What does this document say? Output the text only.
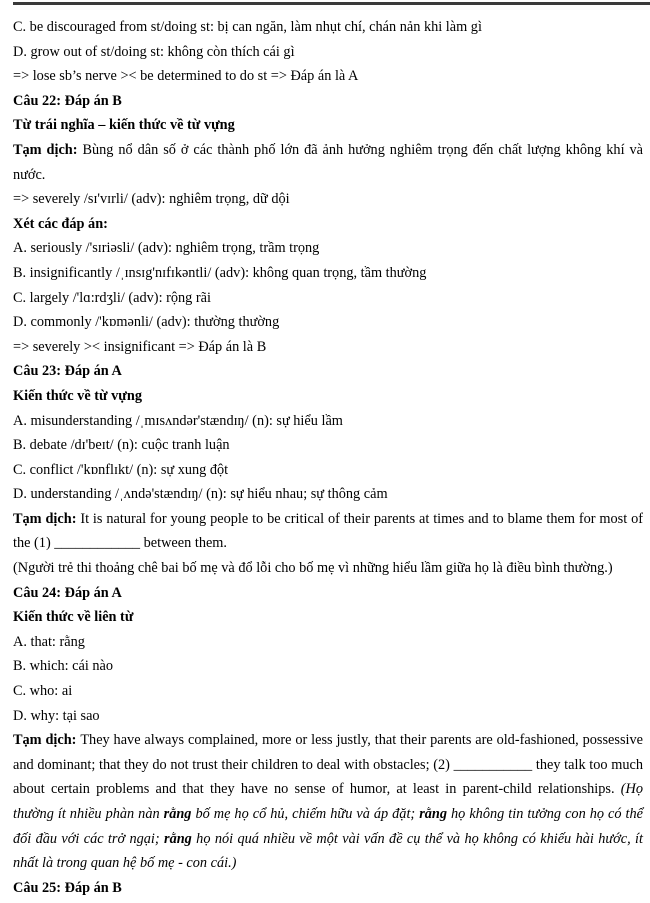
C. be discouraged from st/doing st: bị can ngăn, làm nhụt chí, chán nản khi làm gì

D. grow out of st/doing st: không còn thích cái gì

=> lose sb’s nerve >< be determined to do st => Đáp án là A

Câu 22: Đáp án B

Từ trái nghĩa – kiến thức về từ vựng

Tạm dịch: Bùng nổ dân số ở các thành phố lớn đã ảnh hưởng nghiêm trọng đến chất lượng không khí và nước.

=> severely /sɪ'vɪrli/ (adv): nghiêm trọng, dữ dội

Xét các đáp án:

A. seriously /'sɪriəsli/ (adv): nghiêm trọng, trầm trọng

B. insignificantly /ˌɪnsɪg'nɪfɪkəntli/ (adv): không quan trọng, tầm thường

C. largely /'lɑ:rdʒli/ (adv): rộng rãi

D. commonly /'kɒmənli/ (adv): thường thường

=> severely >< insignificant => Đáp án là B

Câu 23: Đáp án A

Kiến thức về từ vựng

A. misunderstanding /ˌmɪsʌndər'stændɪŋ/ (n): sự hiểu lầm

B. debate /dɪ'beɪt/ (n): cuộc tranh luận

C. conflict /'kɒnflɪkt/ (n): sự xung đột

D. understanding /ˌʌndə'stændɪŋ/ (n): sự hiểu nhau; sự thông cảm

Tạm dịch: It is natural for young people to be critical of their parents at times and to blame them for most of the (1) ____________ between them.

(Người trẻ thi thoảng chê bai bố mẹ và đổ lỗi cho bố mẹ vì những hiểu lầm giữa họ là điều bình thường.)

Câu 24: Đáp án A

Kiến thức về liên từ

A. that: rằng

B. which: cái nào

C. who: ai

D. why: tại sao

Tạm dịch: They have always complained, more or less justly, that their parents are old-fashioned, possessive and dominant; that they do not trust their children to deal with obstacles; (2) ___________ they talk too much about certain problems and that they have no sense of humor, at least in parent-child relationships. (Họ thường ít nhiều phàn nàn rằng bố mẹ họ cổ hủ, chiếm hữu và áp đặt; rằng họ không tin tưởng con họ có thể đối đầu với các trở ngại; rằng họ nói quá nhiều về một vài vấn đề cụ thể và họ không có khiếu hài hước, ít nhất là trong quan hệ bố mẹ - con cái.)

Câu 25: Đáp án B
